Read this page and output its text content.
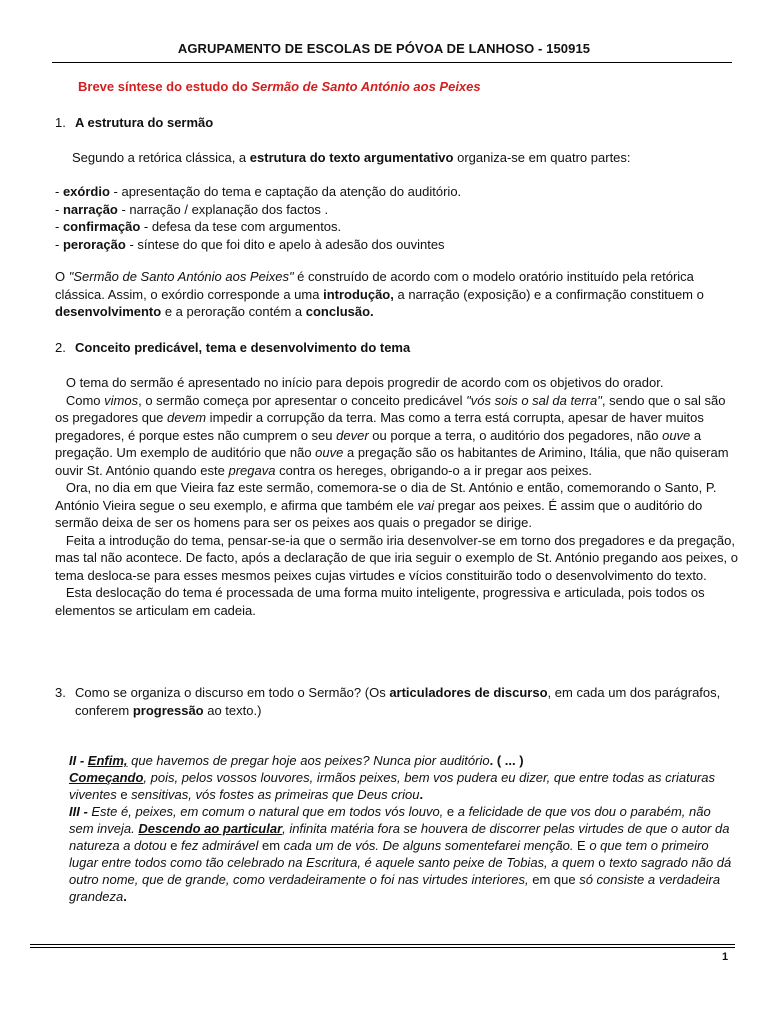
AGRUPAMENTO DE ESCOLAS DE PÓVOA DE LANHOSO - 150915
Breve síntese do estudo do Sermão de Santo António aos Peixes
1. A estrutura do sermão
Segundo a retórica clássica, a estrutura do texto argumentativo organiza-se em quatro partes:

- exórdio - apresentação do tema e captação da atenção do auditório.

- narração - narração / explanação dos factos .

- confirmação - defesa da tese com argumentos.

- peroração - síntese do que foi dito e apelo à adesão dos ouvintes

O "Sermão de Santo António aos Peixes" é construído de acordo com o modelo oratório instituído pela retórica clássica. Assim, o exórdio corresponde a uma introdução, a narração (exposição) e a confirmação constituem o desenvolvimento e a peroração contém a conclusão.
2. Conceito predicável, tema e desenvolvimento do tema

O tema do sermão é apresentado no início para depois progredir de acordo com os objetivos do orador.

Como vimos, o sermão começa por apresentar o conceito predicável "vós sois o sal da terra", sendo que o sal são os pregadores que devem impedir a corrupção da terra. Mas como a terra está corrupta, apesar de haver muitos pregadores, é porque estes não cumprem o seu dever ou porque a terra, o auditório dos pegadores, não ouve a pregação. Um exemplo de auditório que não ouve a pregação são os habitantes de Arimino, Itália, que não quiseram ouvir St. António quando este pregava contra os hereges, obrigando-o a ir pregar aos peixes.

Ora, no dia em que Vieira faz este sermão, comemora-se o dia de St. António e então, comemorando o Santo, P. António Vieira segue o seu exemplo, e afirma que também ele vai pregar aos peixes. É assim que o auditório do sermão deixa de ser os homens para ser os peixes aos quais o pregador se dirige.

Feita a introdução do tema, pensar-se-ia que o sermão iria desenvolver-se em torno dos pregadores e da pregação, mas tal não acontece. De facto, após a declaração de que iria seguir o exemplo de St. António pregando aos peixes, o tema desloca-se para esses mesmos peixes cujas virtudes e vícios constituirão todo o desenvolvimento do texto.

Esta deslocação do tema é processada de uma forma muito inteligente, progressiva e articulada, pois todos os elementos se articulam em cadeia.

3. Como se organiza o discurso em todo o Sermão? (Os articuladores de discurso, em cada um dos parágrafos, conferem progressão ao texto.)

II - Enfim, que havemos de pregar hoje aos peixes? Nunca pior auditório. ( ... )

Começando, pois, pelos vossos louvores, irmãos peixes, bem vos pudera eu dizer, que entre todas as criaturas viventes e sensitivas, vós fostes as primeiras que Deus criou.

III - Este é, peixes, em comum o natural que em todos vós louvo, e a felicidade de que vos dou o parabém, não sem inveja. Descendo ao particular, infinita matéria fora se houvera de discorrer pelas virtudes de que o autor da natureza a dotou e fez admirável em cada um de vós. De alguns somentefarei menção. E o que tem o primeiro lugar entre todos como tão celebrado na Escritura, é aquele santo peixe de Tobias, a quem o texto sagrado não dá outro nome, que de grande, como verdadeiramente o foi nas virtudes interiores, em que só consiste a verdadeira grandeza.

1
